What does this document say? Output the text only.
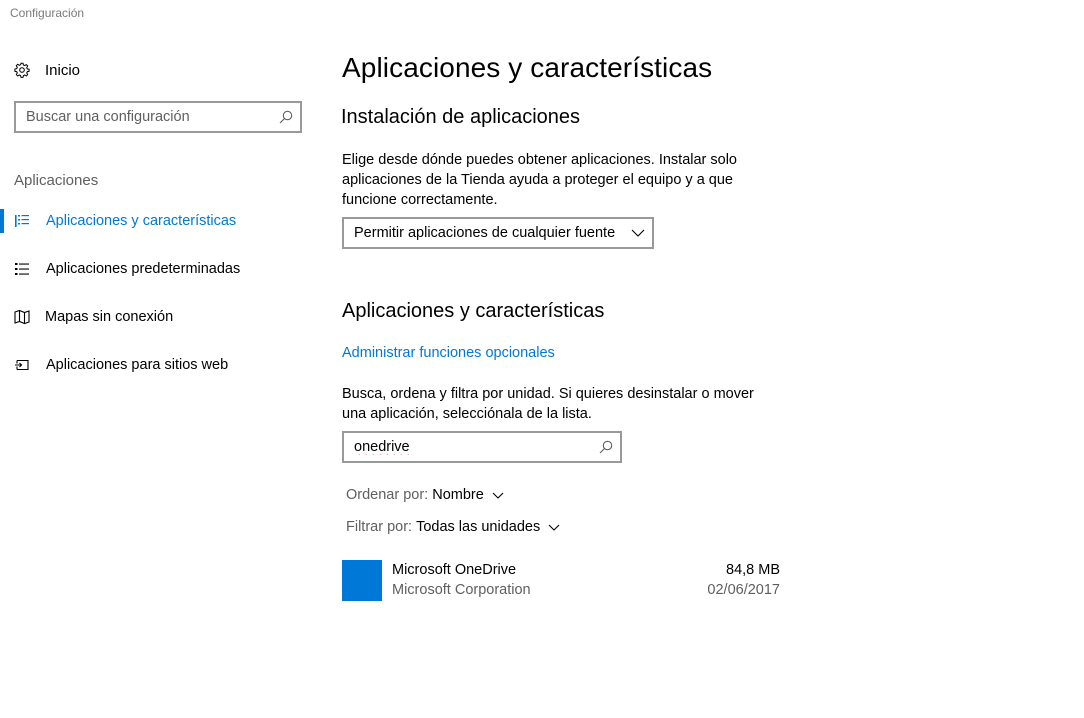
Configuración
Inicio
Buscar una configuración
Aplicaciones
Aplicaciones y características
Aplicaciones predeterminadas
Mapas sin conexión
Aplicaciones para sitios web
Aplicaciones y características
Instalación de aplicaciones
Elige desde dónde puedes obtener aplicaciones. Instalar solo aplicaciones de la Tienda ayuda a proteger el equipo y a que funcione correctamente.
Permitir aplicaciones de cualquier fuente
Aplicaciones y características
Administrar funciones opcionales
Busca, ordena y filtra por unidad. Si quieres desinstalar o mover una aplicación, selecciónala de la lista.
onedrive
Ordenar por: Nombre
Filtrar por: Todas las unidades
Microsoft OneDrive
Microsoft Corporation
84,8 MB
02/06/2017
